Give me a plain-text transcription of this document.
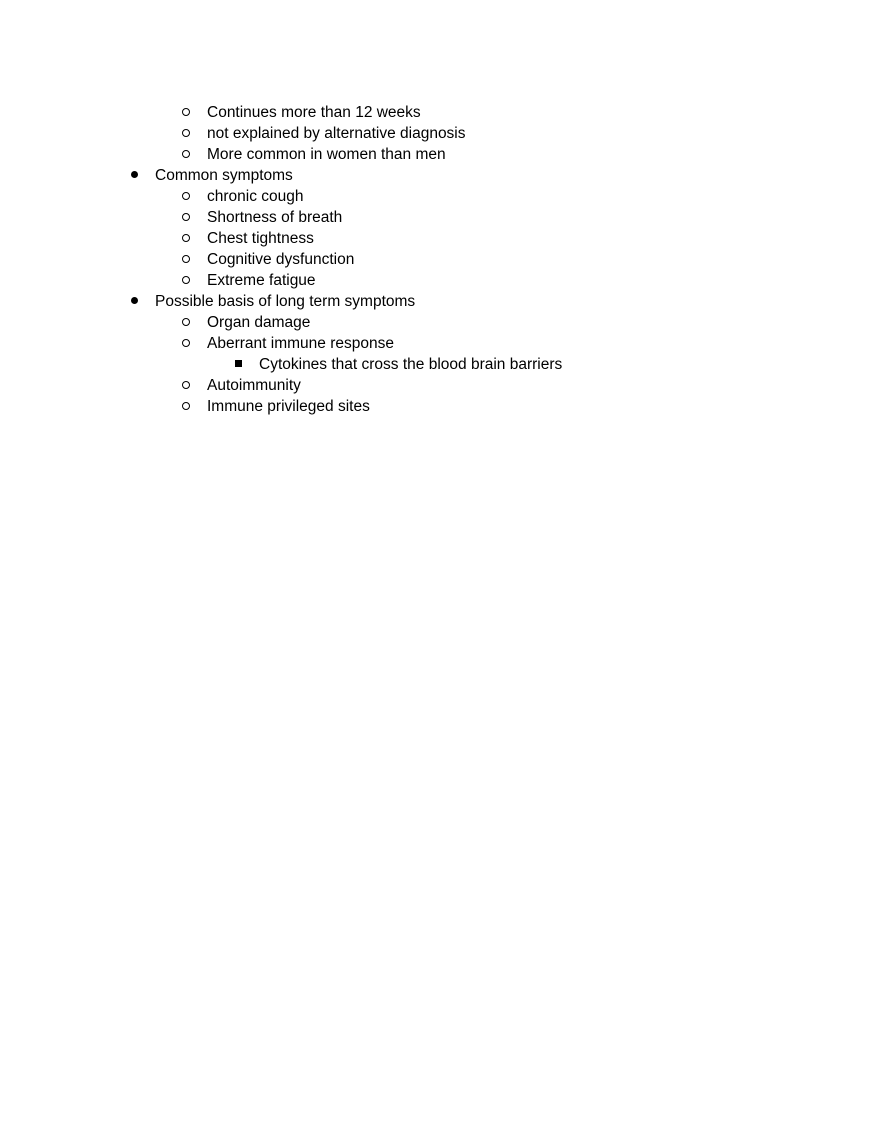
Continues more than 12 weeks
not explained by alternative diagnosis
More common in women than men
Common symptoms
chronic cough
Shortness of breath
Chest tightness
Cognitive dysfunction
Extreme fatigue
Possible basis of long term symptoms
Organ damage
Aberrant immune response
Cytokines that cross the blood brain barriers
Autoimmunity
Immune privileged sites
